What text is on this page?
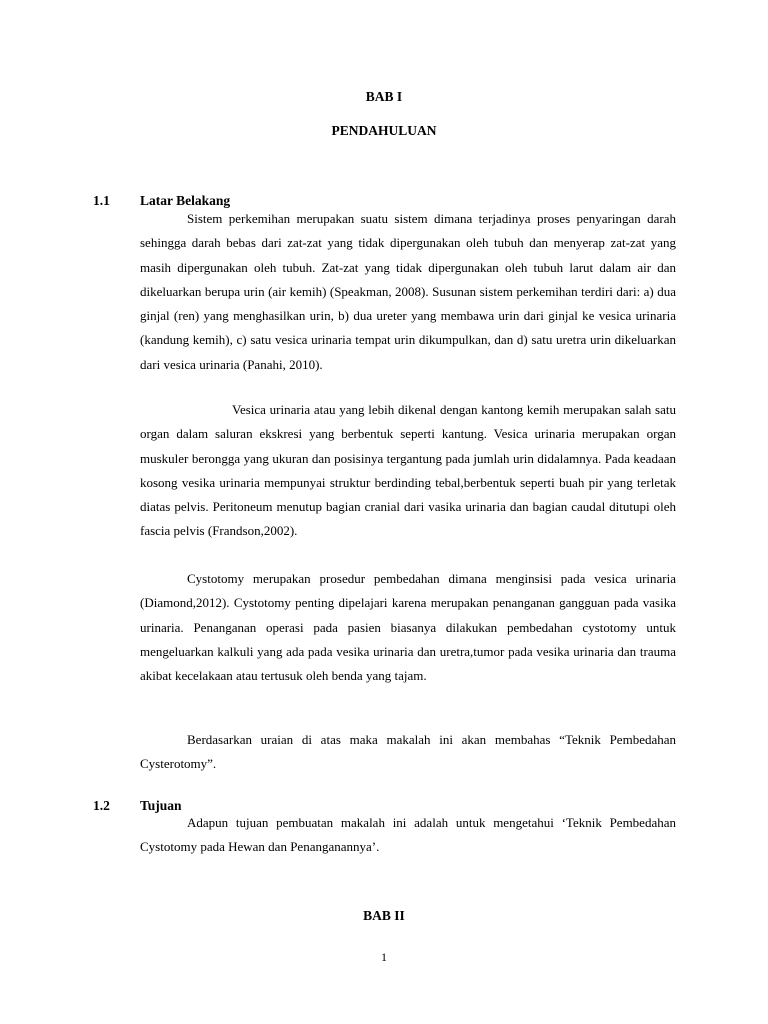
BAB I

PENDAHULUAN

1.1 Latar Belakang

Sistem perkemihan merupakan suatu sistem dimana terjadinya proses penyaringan darah sehingga darah bebas dari zat-zat yang tidak dipergunakan oleh tubuh dan menyerap zat-zat yang masih dipergunakan oleh tubuh. Zat-zat yang tidak dipergunakan oleh tubuh larut dalam air dan dikeluarkan berupa urin (air kemih) (Speakman, 2008). Susunan sistem perkemihan terdiri dari: a) dua ginjal (ren) yang menghasilkan urin, b) dua ureter yang membawa urin dari ginjal ke vesica urinaria (kandung kemih), c) satu vesica urinaria tempat urin dikumpulkan, dan d) satu uretra urin dikeluarkan dari vesica urinaria (Panahi, 2010).

Vesica urinaria atau yang lebih dikenal dengan kantong kemih merupakan salah satu organ dalam saluran ekskresi yang berbentuk seperti kantung. Vesica urinaria merupakan organ muskuler berongga yang ukuran dan posisinya tergantung pada jumlah urin didalamnya. Pada keadaan kosong vesika urinaria mempunyai struktur berdinding tebal,berbentuk seperti buah pir yang terletak diatas pelvis. Peritoneum menutup bagian cranial dari vasika urinaria dan bagian caudal ditutupi oleh fascia pelvis (Frandson,2002).

Cystotomy merupakan prosedur pembedahan dimana menginsisi pada vesica urinaria (Diamond,2012). Cystotomy penting dipelajari karena merupakan penanganan gangguan pada vasika urinaria. Penanganan operasi pada pasien biasanya dilakukan pembedahan cystotomy untuk mengeluarkan kalkuli yang ada pada vesika urinaria dan uretra,tumor pada vesika urinaria dan trauma akibat kecelakaan atau tertusuk oleh benda yang tajam.

Berdasarkan uraian di atas maka makalah ini akan membahas “Teknik Pembedahan Cysterotomy”.

1.2 Tujuan

Adapun tujuan pembuatan makalah ini adalah untuk mengetahui ‘Teknik Pembedahan Cystotomy pada Hewan dan Penanganannya’.

BAB II

1
